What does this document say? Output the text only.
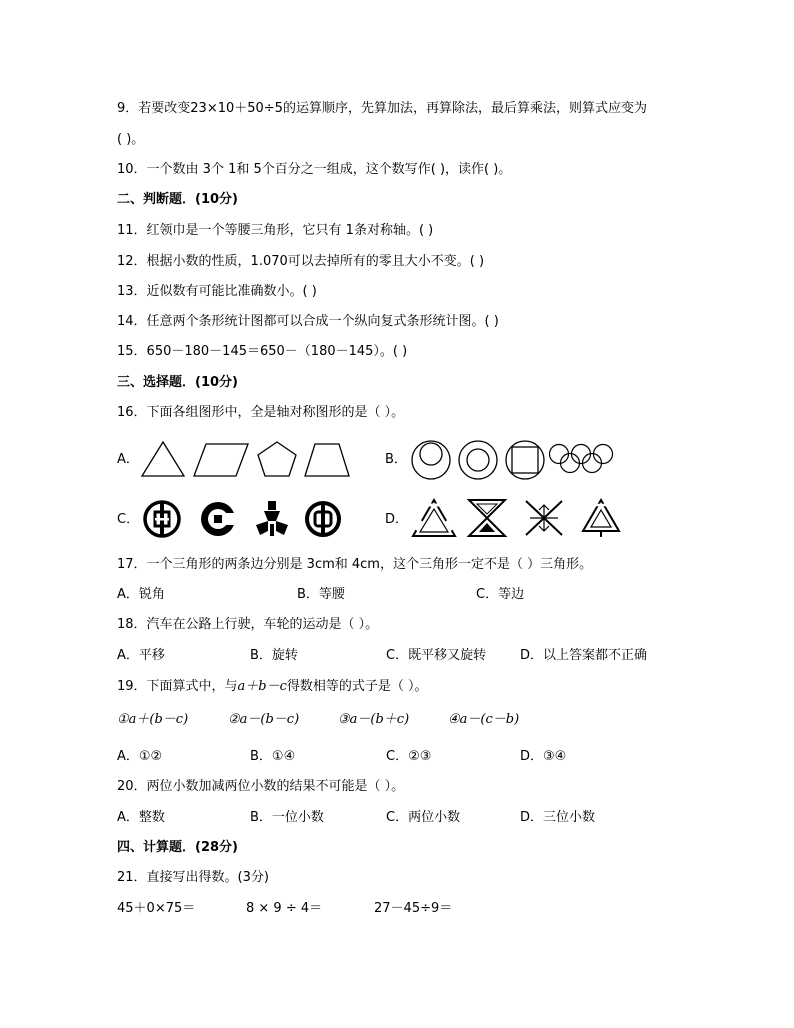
9．若要改变23×10＋50÷5的运算顺序，先算加法，再算除法，最后算乘法，则算式应变为
( )。
10．一个数由 3个 1和 5个百分之一组成，这个数写作( )，读作( )。
二、判断题．(10分)
11．红领巾是一个等腰三角形，它只有 1条对称轴。( )
12．根据小数的性质，1.070可以去掉所有的零且大小不变。( )
13．近似数有可能比准确数小。( )
14．任意两个条形统计图都可以合成一个纵向复式条形统计图。( )
15．650－180－145＝650－（180－145）。( )
三、选择题．(10分)
16．下面各组图形中，全是轴对称图形的是（ ）。
A．	B．
C．	D．
17．一个三角形的两条边分别是 3cm和 4cm，这个三角形一定不是（ ）三角形。
A．锐角	B．等腰	C．等边
18．汽车在公路上行驶，车轮的运动是（ ）。
A．平移	B．旋转	C．既平移又旋转	D．以上答案都不正确
19．下面算式中，与a＋b－c得数相等的式子是（ ）。
①a＋(b－c)	②a－(b－c)	③a－(b＋c)	④a－(c－b)
A．①②	B．①④	C．②③	D．③④
20．两位小数加减两位小数的结果不可能是（ ）。
A．整数	B．一位小数	C．两位小数	D．三位小数
四、计算题．(28分)
21．直接写出得数。(3分)
45＋0×75＝	8 × 9 ÷ 4＝	27－45÷9＝
